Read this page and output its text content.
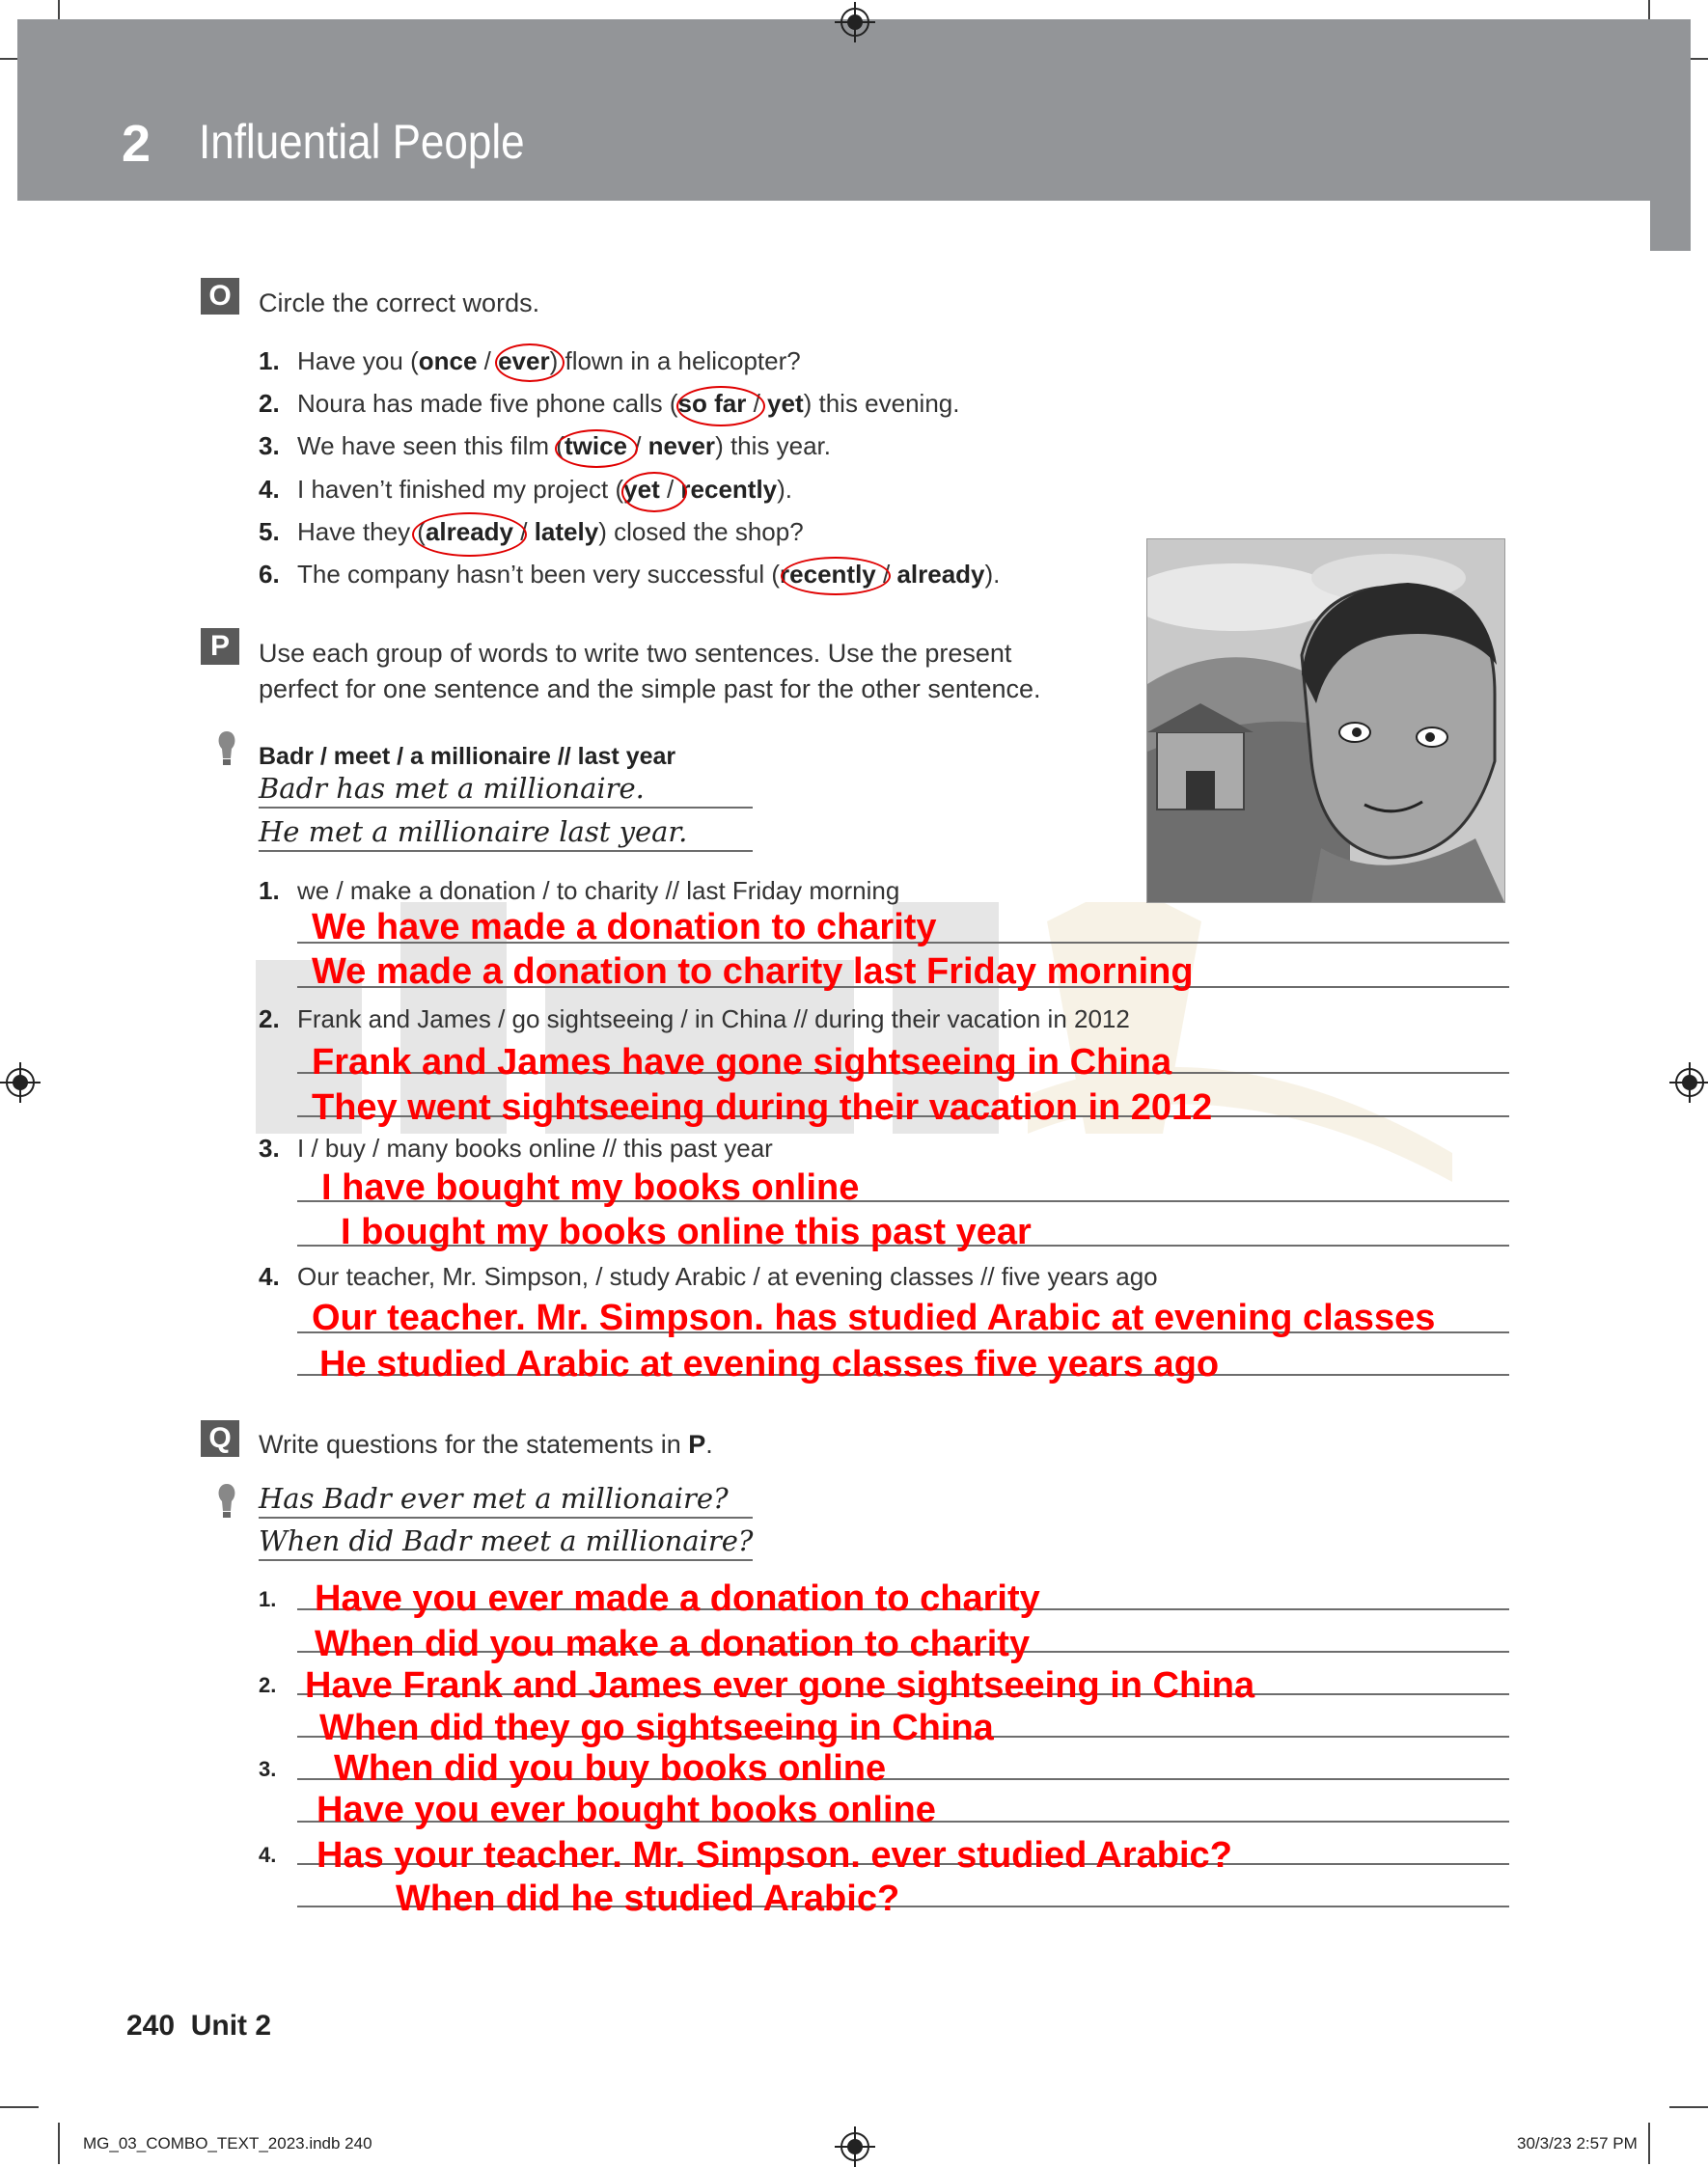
2 Influential People
O	Circle the correct words.
1. Have you (once / ever) flown in a helicopter?
2. Noura has made five phone calls (so far / yet) this evening.
3. We have seen this film (twice / never) this year.
4. I haven’t finished my project (yet / recently).
5. Have they (already / lately) closed the shop?
6. The company hasn’t been very successful (recently / already).
P	Use each group of words to write two sentences. Use the present
perfect for one sentence and the simple past for the other sentence.
Badr / meet / a millionaire // last year
Badr has met a millionaire.
He met a millionaire last year.
1. we / make a donation / to charity // last Friday morning
We have made a donation to charity
We made a donation to charity last Friday morning
2. Frank and James / go sightseeing / in China // during their vacation in 2012
Frank and James have gone sightseeing in China
They went sightseeing during their vacation in 2012
3. I / buy / many books online // this past year
I have bought my books online
I bought my books online this past year
4. Our teacher, Mr. Simpson, / study Arabic / at evening classes // five years ago
Our teacher. Mr. Simpson. has studied Arabic at evening classes
He studied Arabic at evening classes five years ago
Q	Write questions for the statements in P.
Has Badr ever met a millionaire?
When did Badr meet a millionaire?
1. Have you ever made a donation to charity
When did you make a donation to charity
2. Have Frank and James ever gone sightseeing in China
When did they go sightseeing in China
3. When did you buy books online
Have you ever bought books online
4. Has your teacher. Mr. Simpson. ever studied Arabic?
When did he studied Arabic?
240 Unit 2
MG_03_COMBO_TEXT_2023.indb 240	30/3/23 2:57 PM
